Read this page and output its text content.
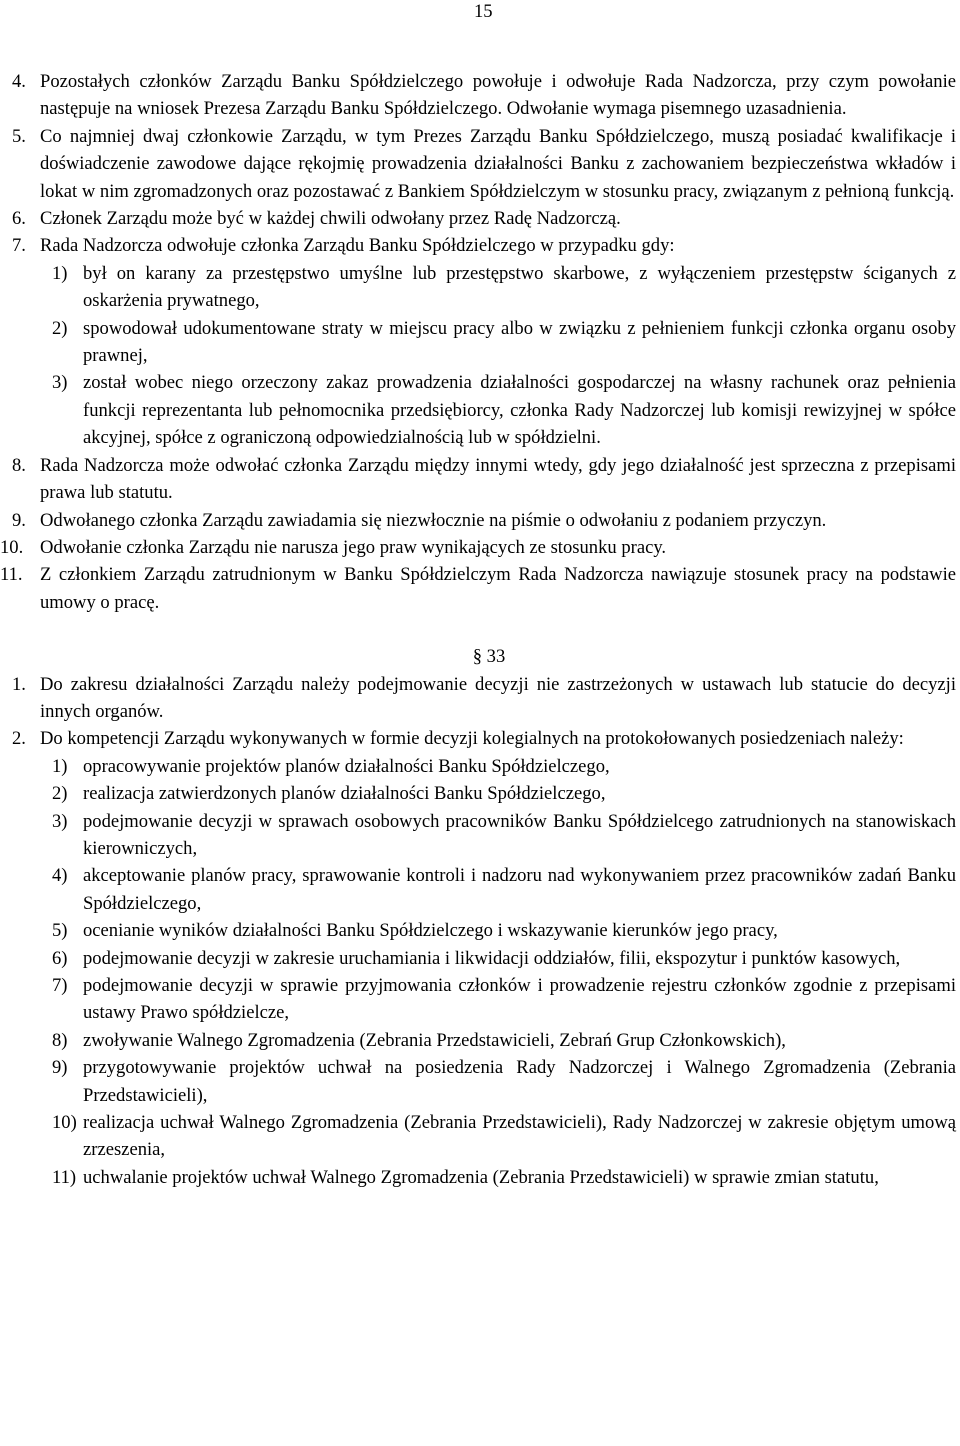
15
4. Pozostałych członków Zarządu Banku Spółdzielczego powołuje i odwołuje Rada Nadzorcza, przy czym powołanie następuje na wniosek Prezesa Zarządu Banku Spółdzielczego. Odwołanie wymaga pisemnego uzasadnienia.
5. Co najmniej dwaj członkowie Zarządu, w tym Prezes Zarządu Banku Spółdzielczego, muszą posiadać kwalifikacje i doświadczenie zawodowe dające rękojmię prowadzenia działalności Banku z zachowaniem bezpieczeństwa wkładów i lokat w nim zgromadzonych oraz pozostawać z Bankiem Spółdzielczym w stosunku pracy, związanym z pełnioną funkcją.
6. Członek Zarządu może być w każdej chwili odwołany przez Radę Nadzorczą.
7. Rada Nadzorcza odwołuje członka Zarządu Banku Spółdzielczego w przypadku gdy:
1) był on karany za przestępstwo umyślne lub przestępstwo skarbowe, z wyłączeniem przestępstw ściganych z oskarżenia prywatnego,
2) spowodował udokumentowane straty w miejscu pracy albo w związku z pełnieniem funkcji członka organu osoby prawnej,
3) został wobec niego orzeczony zakaz prowadzenia działalności gospodarczej na własny rachunek oraz pełnienia funkcji reprezentanta lub pełnomocnika przedsiębiorcy, członka Rady Nadzorczej lub komisji rewizyjnej w spółce akcyjnej, spółce z ograniczoną odpowiedzialnością lub w spółdzielni.
8. Rada Nadzorcza może odwołać członka Zarządu między innymi wtedy, gdy jego działalność jest sprzeczna z przepisami prawa lub statutu.
9. Odwołanego członka Zarządu zawiadamia się niezwłocznie na piśmie o odwołaniu z podaniem przyczyn.
10. Odwołanie członka Zarządu nie narusza jego praw wynikających ze stosunku pracy.
11. Z członkiem Zarządu zatrudnionym w Banku Spółdzielczym Rada Nadzorcza nawiązuje stosunek pracy na podstawie umowy o pracę.
§ 33
1. Do zakresu działalności Zarządu należy podejmowanie decyzji nie zastrzeżonych w ustawach lub statucie do decyzji innych organów.
2. Do kompetencji Zarządu wykonywanych w formie decyzji kolegialnych na protokołowanych posiedzeniach należy:
1) opracowywanie projektów planów działalności Banku Spółdzielczego,
2) realizacja zatwierdzonych planów działalności Banku Spółdzielczego,
3) podejmowanie decyzji w sprawach osobowych pracowników Banku Spółdzielcego zatrudnionych na stanowiskach kierowniczych,
4) akceptowanie planów pracy, sprawowanie kontroli i nadzoru nad wykonywaniem przez pracowników zadań Banku Spółdzielczego,
5) ocenianie wyników działalności Banku Spółdzielczego i wskazywanie kierunków jego pracy,
6) podejmowanie decyzji w zakresie uruchamiania i likwidacji oddziałów, filii, ekspozytur i punktów kasowych,
7) podejmowanie decyzji w sprawie przyjmowania członków i prowadzenie rejestru członków zgodnie z przepisami ustawy Prawo spółdzielcze,
8) zwoływanie Walnego Zgromadzenia (Zebrania Przedstawicieli, Zebrań Grup Członkowskich),
9) przygotowywanie projektów uchwał na posiedzenia Rady Nadzorczej i Walnego Zgromadzenia (Zebrania Przedstawicieli),
10) realizacja uchwał Walnego Zgromadzenia (Zebrania Przedstawicieli), Rady Nadzorczej w zakresie objętym umową zrzeszenia,
11) uchwalanie projektów uchwał Walnego Zgromadzenia (Zebrania Przedstawicieli) w sprawie zmian statutu,
